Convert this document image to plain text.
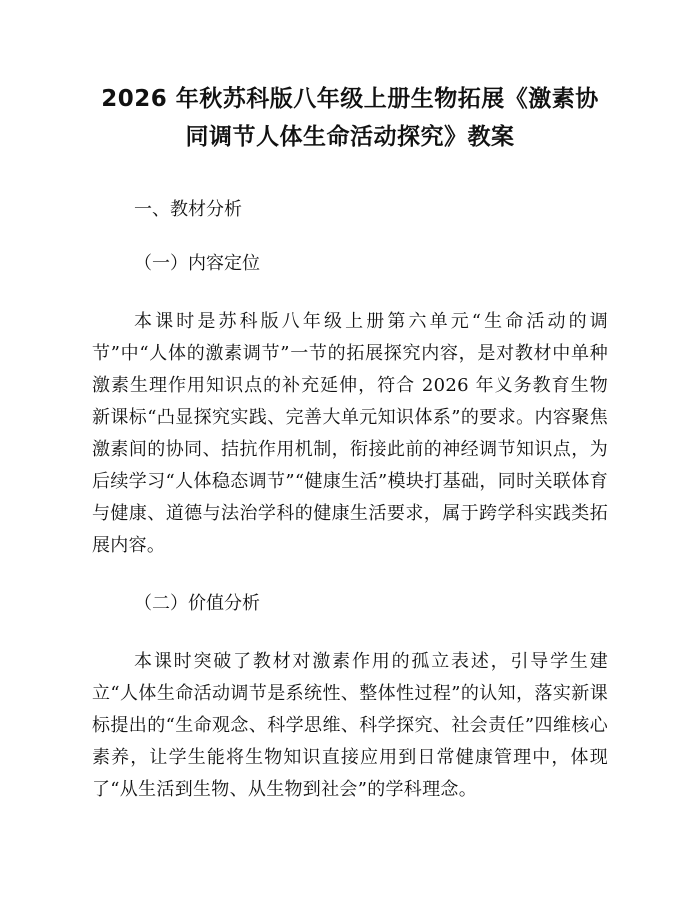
2026 年秋苏科版八年级上册生物拓展《激素协同调节人体生命活动探究》教案
一、教材分析
（一）内容定位
本课时是苏科版八年级上册第六单元“生命活动的调节”中“人体的激素调节”一节的拓展探究内容，是对教材中单种激素生理作用知识点的补充延伸，符合 2026 年义务教育生物新课标“凸显探究实践、完善大单元知识体系”的要求。内容聚焦激素间的协同、拮抗作用机制，衔接此前的神经调节知识点，为后续学习“人体稳态调节”“健康生活”模块打基础，同时关联体育与健康、道德与法治学科的健康生活要求，属于跨学科实践类拓展内容。
（二）价值分析
本课时突破了教材对激素作用的孤立表述，引导学生建立“人体生命活动调节是系统性、整体性过程”的认知，落实新课标提出的“生命观念、科学思维、科学探究、社会责任”四维核心素养，让学生能将生物知识直接应用到日常健康管理中，体现了“从生活到生物、从生物到社会”的学科理念。
